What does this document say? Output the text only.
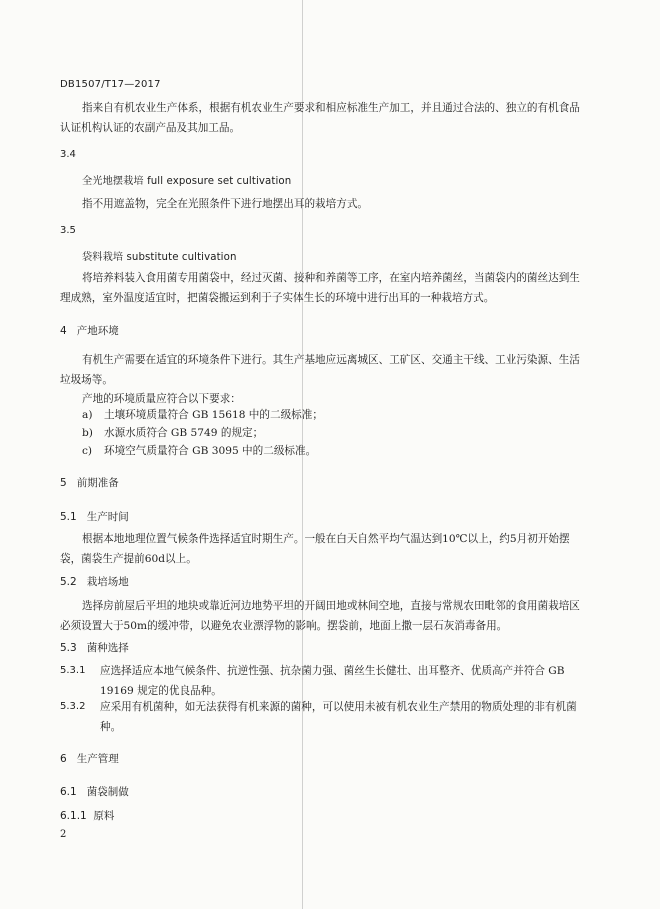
DB1507/T17—2017
指来自有机农业生产体系，根据有机农业生产要求和相应标准生产加工，并且通过合法的、独立的有机食品认证机构认证的农副产品及其加工品。
3.4
全光地摆栽培 full exposure set cultivation
指不用遮盖物，完全在光照条件下进行地摆出耳的栽培方式。
3.5
袋料栽培 substitute cultivation
将培养料装入食用菌专用菌袋中，经过灭菌、接种和养菌等工序，在室内培养菌丝，当菌袋内的菌丝达到生理成熟，室外温度适宜时，把菌袋搬运到利于子实体生长的环境中进行出耳的一种栽培方式。
4 产地环境
有机生产需要在适宜的环境条件下进行。其生产基地应远离城区、工矿区、交通主干线、工业污染源、生活垃圾场等。
产地的环境质量应符合以下要求：
a) 土壤环境质量符合 GB 15618 中的二级标准；
b) 水源水质符合 GB 5749 的规定；
c) 环境空气质量符合 GB 3095 中的二级标准。
5 前期准备
5.1 生产时间
根据本地地理位置气候条件选择适宜时期生产。一般在白天自然平均气温达到10℃以上，约5月初开始摆袋，菌袋生产提前60d以上。
5.2 栽培场地
选择房前屋后平坦的地块或靠近河边地势平坦的开阔田地或林间空地，直接与常规农田毗邻的食用菌栽培区必须设置大于50m的缓冲带，以避免农业漂浮物的影响。摆袋前，地面上撒一层石灰消毒备用。
5.3 菌种选择
5.3.1 应选择适应本地气候条件、抗逆性强、抗杂菌力强、菌丝生长健壮、出耳整齐、优质高产并符合 GB 19169 规定的优良品种。
5.3.2 应采用有机菌种，如无法获得有机来源的菌种，可以使用未被有机农业生产禁用的物质处理的非有机菌种。
6 生产管理
6.1 菌袋制做
6.1.1 原料
2
